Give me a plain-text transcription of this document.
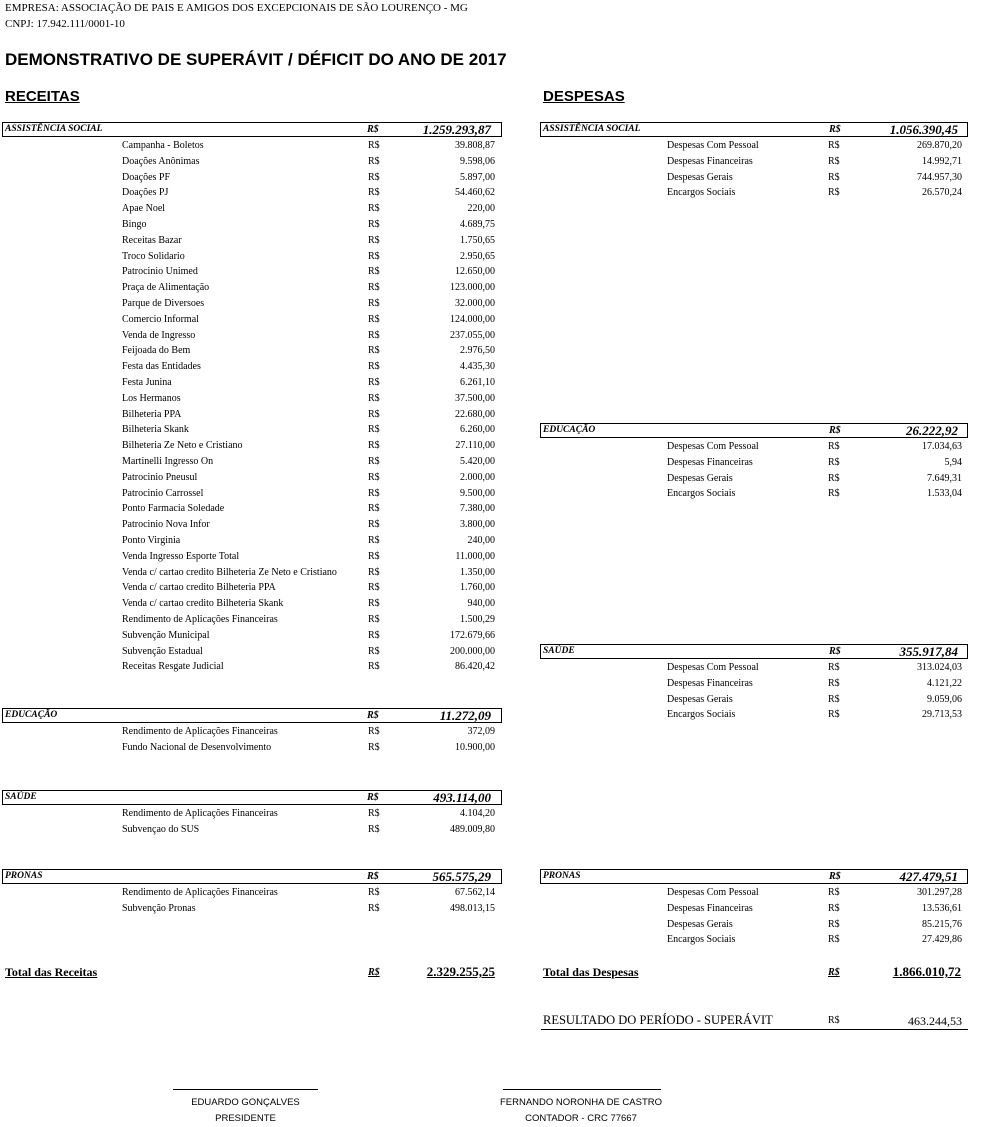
EMPRESA: ASSOCIAÇÃO DE PAIS E AMIGOS DOS EXCEPCIONAIS DE SÃO LOURENÇO - MG
CNPJ: 17.942.111/0001-10
DEMONSTRATIVO DE SUPERÁVIT / DÉFICIT DO ANO DE 2017
RECEITAS	DESPESAS
ASSISTÊNCIA SOCIAL	R$	1.259.293,87
Campanha - Boletos	R$	39.808,87
Doações Anônimas	R$	9.598,06
Doações PF	R$	5.897,00
Doações PJ	R$	54.460,62
Apae Noel	R$	220,00
Bingo	R$	4.689,75
Receitas Bazar	R$	1.750,65
Troco Solidario	R$	2.950,65
Patrocinio Unimed	R$	12.650,00
Praça de Alimentação	R$	123.000,00
Parque de Diversoes	R$	32.000,00
Comercio Informal	R$	124.000,00
Venda de Ingresso	R$	237.055,00
Feijoada do Bem	R$	2.976,50
Festa das Entidades	R$	4.435,30
Festa Junina	R$	6.261,10
Los Hermanos	R$	37.500,00
Bilheteria PPA	R$	22.680,00
Bilheteria Skank	R$	6.260,00
Bilheteria Ze Neto e Cristiano	R$	27.110,00
Martinelli Ingresso On	R$	5.420,00
Patrocinio Pneusul	R$	2.000,00
Patrocinio Carrossel	R$	9.500,00
Ponto Farmacia Soledade	R$	7.380,00
Patrocinio Nova Infor	R$	3.800,00
Ponto Virginia	R$	240,00
Venda Ingresso Esporte Total	R$	11.000,00
Venda c/ cartao credito Bilheteria Ze Neto e Cristiano	R$	1.350,00
Venda c/ cartao credito Bilheteria PPA	R$	1.760,00
Venda c/ cartao credito Bilheteria Skank	R$	940,00
Rendimento de Aplicações Financeiras	R$	1.500,29
Subvenção Municipal	R$	172.679,66
Subvenção Estadual	R$	200.000,00
Receitas Resgate Judicial	R$	86.420,42
EDUCAÇÃO	R$	11.272,09
Rendimento de Aplicações Financeiras	R$	372,09
Fundo Nacional de Desenvolvimento	R$	10.900,00
SAÚDE	R$	493.114,00
Rendimento de Aplicações Financeiras	R$	4.104,20
Subvençao do SUS	R$	489.009,80
PRONAS	R$	565.575,29
Rendimento de Aplicações Financeiras	R$	67.562,14
Subvenção Pronas	R$	498.013,15
ASSISTÊNCIA SOCIAL	R$	1.056.390,45
Despesas Com Pessoal	R$	269.870,20
Despesas Financeiras	R$	14.992,71
Despesas Gerais	R$	744.957,30
Encargos Sociais	R$	26.570,24
EDUCAÇÃO	R$	26.222,92
Despesas Com Pessoal	R$	17.034,63
Despesas Financeiras	R$	5,94
Despesas Gerais	R$	7.649,31
Encargos Sociais	R$	1.533,04
SAÚDE	R$	355.917,84
Despesas Com Pessoal	R$	313.024,03
Despesas Financeiras	R$	4.121,22
Despesas Gerais	R$	9.059,06
Encargos Sociais	R$	29.713,53
PRONAS	R$	427.479,51
Despesas Com Pessoal	R$	301.297,28
Despesas Financeiras	R$	13.536,61
Despesas Gerais	R$	85.215,76
Encargos Sociais	R$	27.429,86
Total das Receitas	R$	2.329.255,25	Total das Despesas	R$	1.866.010,72
RESULTADO DO PERÍODO - SUPERÁVIT	R$	463.244,53
EDUARDO GONÇALVES
PRESIDENTE
FERNANDO NORONHA DE CASTRO
CONTADOR - CRC 77667
